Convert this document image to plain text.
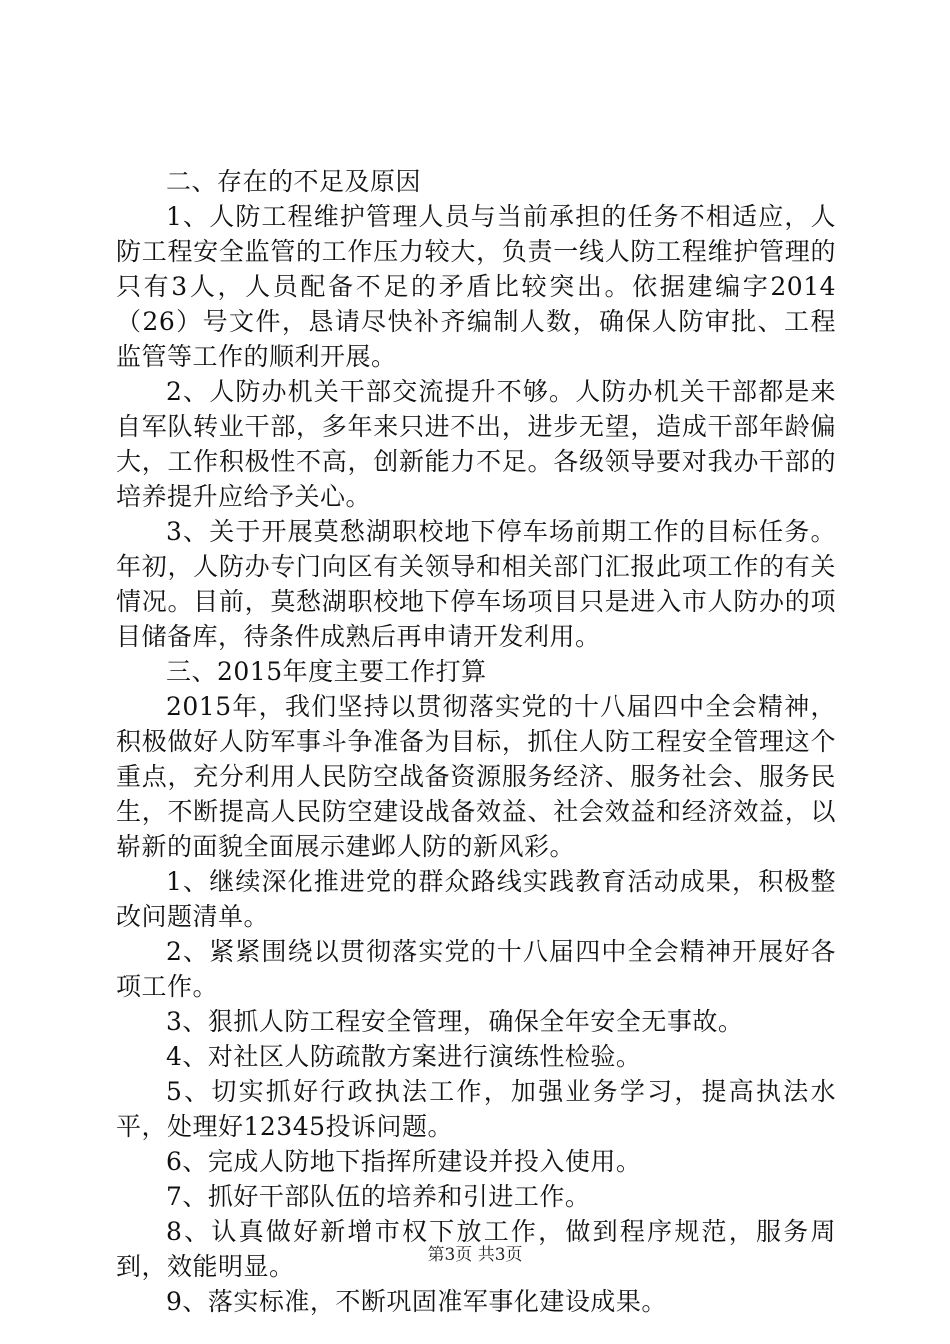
二、存在的不足及原因

1、人防工程维护管理人员与当前承担的任务不相适应，人防工程安全监管的工作压力较大，负责一线人防工程维护管理的只有3人，人员配备不足的矛盾比较突出。依据建编字2014（26）号文件，恳请尽快补齐编制人数，确保人防审批、工程监管等工作的顺利开展。

2、人防办机关干部交流提升不够。人防办机关干部都是来自军队转业干部，多年来只进不出，进步无望，造成干部年龄偏大，工作积极性不高，创新能力不足。各级领导要对我办干部的培养提升应给予关心。

3、关于开展莫愁湖职校地下停车场前期工作的目标任务。年初，人防办专门向区有关领导和相关部门汇报此项工作的有关情况。目前，莫愁湖职校地下停车场项目只是进入市人防办的项目储备库，待条件成熟后再申请开发利用。

三、2015年度主要工作打算

2015年，我们坚持以贯彻落实党的十八届四中全会精神，积极做好人防军事斗争准备为目标，抓住人防工程安全管理这个重点，充分利用人民防空战备资源服务经济、服务社会、服务民生，不断提高人民防空建设战备效益、社会效益和经济效益，以崭新的面貌全面展示建邺人防的新风彩。

1、继续深化推进党的群众路线实践教育活动成果，积极整改问题清单。

2、紧紧围绕以贯彻落实党的十八届四中全会精神开展好各项工作。

3、狠抓人防工程安全管理，确保全年安全无事故。

4、对社区人防疏散方案进行演练性检验。

5、切实抓好行政执法工作，加强业务学习，提高执法水平，处理好12345投诉问题。

6、完成人防地下指挥所建设并投入使用。

7、抓好干部队伍的培养和引进工作。

8、认真做好新增市权下放工作，做到程序规范，服务周到，效能明显。

9、落实标准，不断巩固准军事化建设成果。

第3页 共3页
